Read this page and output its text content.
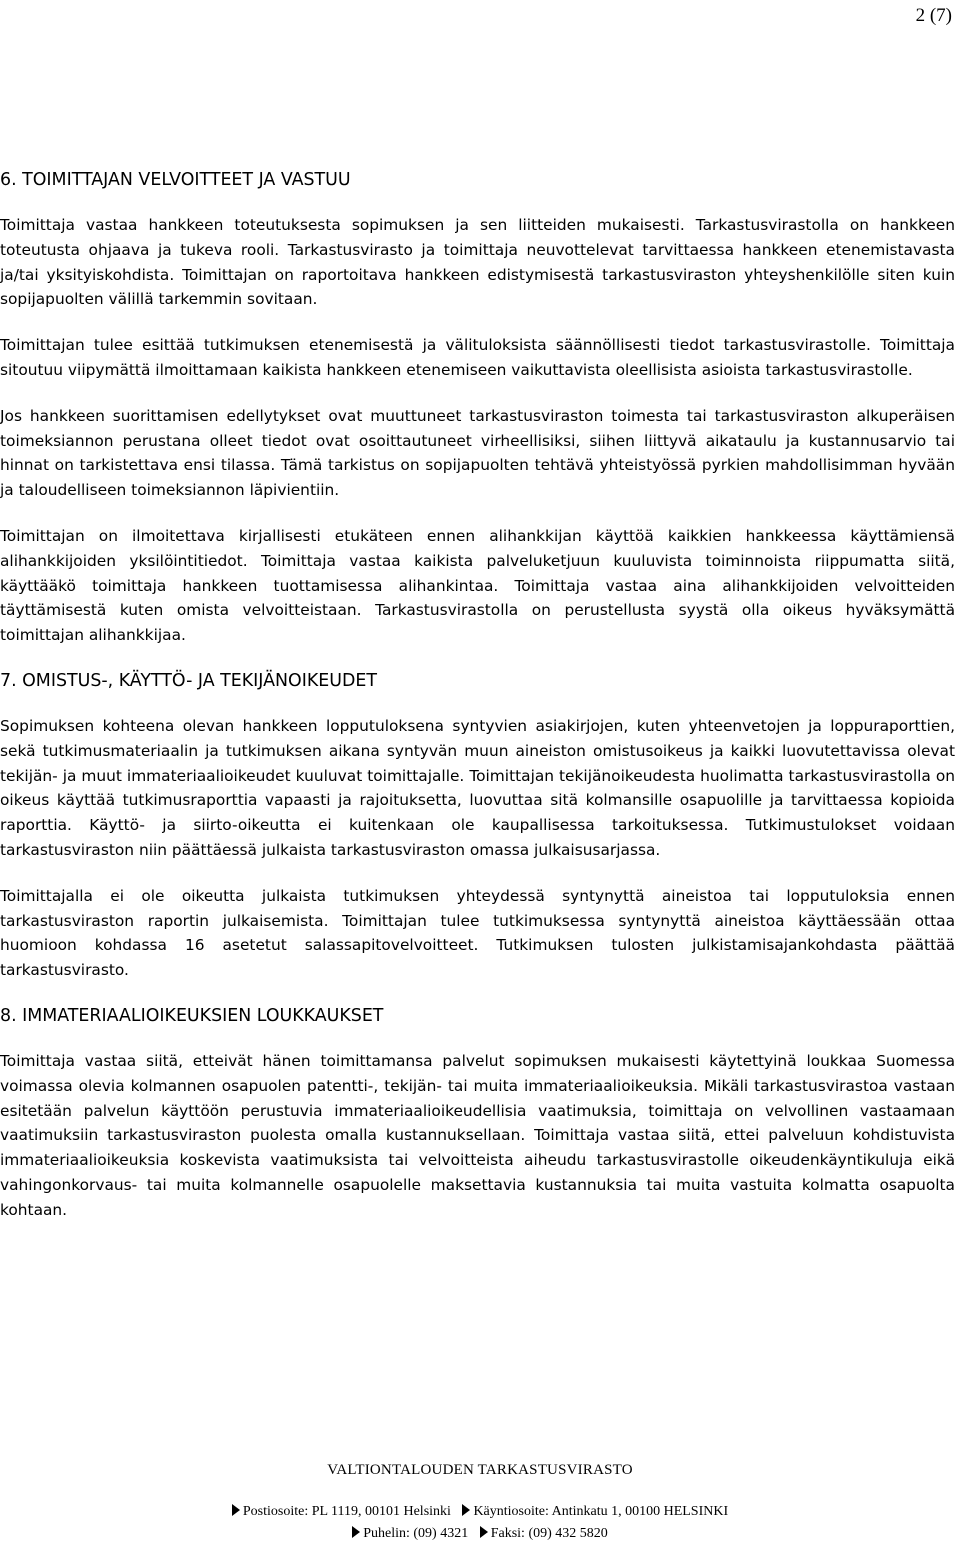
2 (7)
6. TOIMITTAJAN VELVOITTEET JA VASTUU

Toimittaja vastaa hankkeen toteutuksesta sopimuksen ja sen liitteiden mukaisesti. Tarkastusvirastolla on hankkeen toteutusta ohjaava ja tukeva rooli. Tarkastusvirasto ja toimittaja neuvottelevat tarvittaessa hankkeen etenemistavasta ja/tai yksityiskohdista. Toimittajan on raportoitava hankkeen edistymisestä tarkastusviraston yhteyshenkilölle siten kuin sopijapuolten välillä tarkemmin sovitaan.

Toimittajan tulee esittää tutkimuksen etenemisestä ja välituloksista säännöllisesti tiedot tarkastusvirastolle. Toimittaja sitoutuu viipymättä ilmoittamaan kaikista hankkeen etenemiseen vaikuttavista oleellisista asioista tarkastusvirastolle.

Jos hankkeen suorittamisen edellytykset ovat muuttuneet tarkastusviraston toimesta tai tarkastusviraston alkuperäisen toimeksiannon perustana olleet tiedot ovat osoittautuneet virheellisiksi, siihen liittyvä aikataulu ja kustannusarvio tai hinnat on tarkistettava ensi tilassa. Tämä tarkistus on sopijapuolten tehtävä yhteistyössä pyrkien mahdollisimman hyvään ja taloudelliseen toimeksiannon läpivientiin.

Toimittajan on ilmoitettava kirjallisesti etukäteen ennen alihankkijan käyttöä kaikkien hankkeessa käyttämiensä alihankkijoiden yksilöintitiedot. Toimittaja vastaa kaikista palveluketjuun kuuluvista toiminnoista riippumatta siitä, käyttääkö toimittaja hankkeen tuottamisessa alihankintaa. Toimittaja vastaa aina alihankkijoiden velvoitteiden täyttämisestä kuten omista velvoitteistaan. Tarkastusvirastolla on perustellusta syystä olla oikeus hyväksymättä toimittajan alihankkijaa.

7. OMISTUS-, KÄYTTÖ- JA TEKIJÄNOIKEUDET

Sopimuksen kohteena olevan hankkeen lopputuloksena syntyvien asiakirjojen, kuten yhteenvetojen ja loppuraporttien, sekä tutkimusmateriaalin ja tutkimuksen aikana syntyvän muun aineiston omistusoikeus ja kaikki luovutettavissa olevat tekijän- ja muut immateriaalioikeudet kuuluvat toimittajalle. Toimittajan tekijänoikeudesta huolimatta tarkastusvirastolla on oikeus käyttää tutkimusraporttia vapaasti ja rajoituksetta, luovuttaa sitä kolmansille osapuolille ja tarvittaessa kopioida raporttia. Käyttö- ja siirto-oikeutta ei kuitenkaan ole kaupallisessa tarkoituksessa. Tutkimustulokset voidaan tarkastusviraston niin päättäessä julkaista tarkastusviraston omassa julkaisusarjassa.

Toimittajalla ei ole oikeutta julkaista tutkimuksen yhteydessä syntynyttä aineistoa tai lopputuloksia ennen tarkastusviraston raportin julkaisemista. Toimittajan tulee tutkimuksessa syntynyttä aineistoa käyttäessään ottaa huomioon kohdassa 16 asetetut salassapitovelvoitteet. Tutkimuksen tulosten julkistamisajankohdasta päättää tarkastusvirasto.

8. IMMATERIAALIOIKEUKSIEN LOUKKAUKSET

Toimittaja vastaa siitä, etteivät hänen toimittamansa palvelut sopimuksen mukaisesti käytettyinä loukkaa Suomessa voimassa olevia kolmannen osapuolen patentti-, tekijän- tai muita immateriaalioikeuksia. Mikäli tarkastusvirastoa vastaan esitetään palvelun käyttöön perustuvia immateriaalioikeudellisia vaatimuksia, toimittaja on velvollinen vastaamaan vaatimuksiin tarkastusviraston puolesta omalla kustannuksellaan. Toimittaja vastaa siitä, ettei palveluun kohdistuvista immateriaalioikeuksia koskevista vaatimuksista tai velvoitteista aiheudu tarkastusvirastolle oikeudenkäyntikuluja eikä vahingonkorvaus- tai muita kolmannelle osapuolelle maksettavia kustannuksia tai muita vastuita kolmatta osapuolta kohtaan.

VALTIONTALOUDEN TARKASTUSVIRASTO
Postiosoite: PL 1119, 00101 Helsinki Käyntiosoite: Antinkatu 1, 00100 HELSINKI
Puhelin: (09) 4321 Faksi: (09) 432 5820
